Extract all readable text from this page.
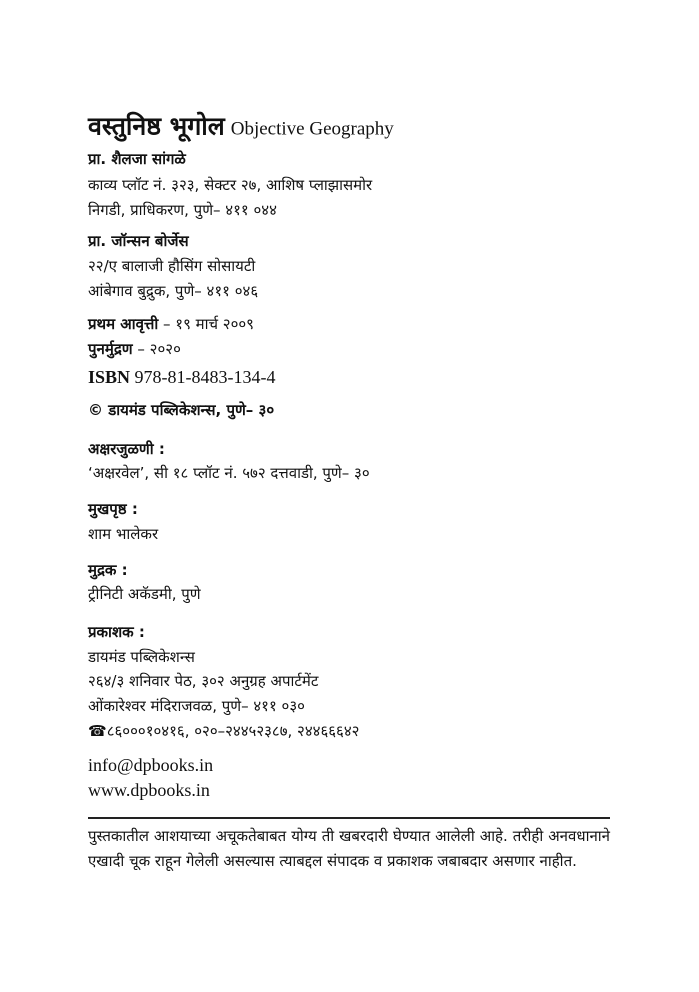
वस्तुनिष्ठ भूगोल Objective Geography
प्रा. शैलजा सांगळे
काव्य प्लॉट नं. ३२३, सेक्टर २७, आशिष प्लाझासमोर
निगडी, प्राधिकरण, पुणे– ४११ ०४४
प्रा. जॉन्सन बोर्जेस
२२/ए बालाजी हौसिंग सोसायटी
आंबेगाव बुद्रुक, पुणे– ४११ ०४६
प्रथम आवृत्ती – १९ मार्च २००९
पुनर्मुद्रण – २०२०
ISBN 978-81-8483-134-4
© डायमंड पब्लिकेशन्स, पुणे– ३०
अक्षरजुळणी :
‘अक्षरवेल’, सी १८ प्लॉट नं. ५७२ दत्तवाडी, पुणे– ३०
मुखपृष्ठ :
शाम भालेकर
मुद्रक :
ट्रीनिटी अकॅडमी, पुणे
प्रकाशक :
डायमंड पब्लिकेशन्स
२६४/३ शनिवार पेठ, ३०२ अनुग्रह अपार्टमेंट
ओंकारेश्वर मंदिराजवळ, पुणे– ४११ ०३०
☎८६०००१०४१६, ०२०–२४४५२३८७, २४४६६६४२
info@dpbooks.in
www.dpbooks.in
पुस्तकातील आशयाच्या अचूकतेबाबत योग्य ती खबरदारी घेण्यात आलेली आहे. तरीही अनवधानाने एखादी चूक राहून गेलेली असल्यास त्याबद्दल संपादक व प्रकाशक जबाबदार असणार नाहीत.
